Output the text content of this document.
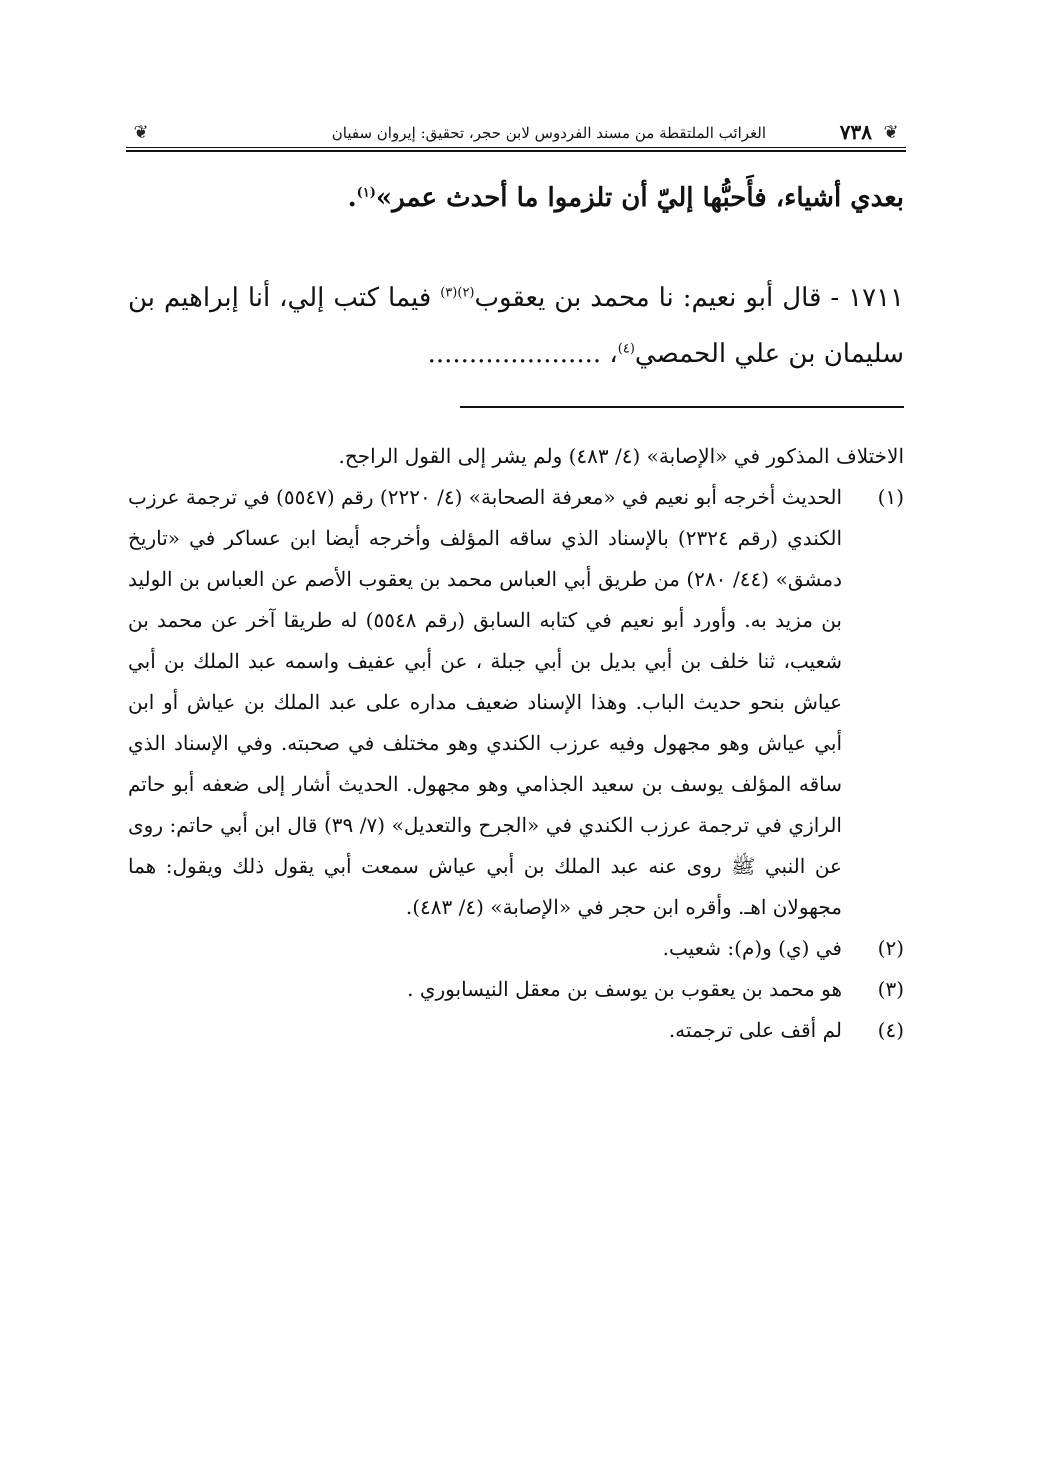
❦
٧٣٨
الغرائب الملتقطة من مسند الفردوس لابن حجر، تحقيق: إيروان سفيان
❦
بعدي أشياء، فأَحبُّها إليّ أن تلزموا ما أحدث عمر»$^{(١)}$.
١٧١١ - قال أبو نعيم: نا محمد بن يعقوب$^{(٢)(٣)}$ فيما كتب إلي، أنا إبراهيم بن سليمان بن علي الحمصي$^{(٤)}$، .....................

الاختلاف المذكور في «الإصابة» (٤/ ٤٨٣) ولم يشر إلى القول الراجح.

(١)
الحديث أخرجه أبو نعيم في «معرفة الصحابة» (٤/ ٢٢٢٠) رقم (٥٥٤٧) في ترجمة عرزب الكندي (رقم ٢٣٢٤) بالإسناد الذي ساقه المؤلف وأخرجه أيضا ابن عساكر في «تاريخ دمشق» (٤٤/ ٢٨٠) من طريق أبي العباس محمد بن يعقوب الأصم عن العباس بن الوليد بن مزيد به. وأورد أبو نعيم في كتابه السابق (رقم ٥٥٤٨) له طريقا آخر عن محمد بن شعيب، ثنا خلف بن أبي بديل بن أبي جبلة ، عن أبي عفيف واسمه عبد الملك بن أبي عياش بنحو حديث الباب. وهذا الإسناد ضعيف مداره على عبد الملك بن عياش أو ابن أبي عياش وهو مجهول وفيه عرزب الكندي وهو مختلف في صحبته. وفي الإسناد الذي ساقه المؤلف يوسف بن سعيد الجذامي وهو مجهول. الحديث أشار إلى ضعفه أبو حاتم الرازي في ترجمة عرزب الكندي في «الجرح والتعديل» (٧/ ٣٩) قال ابن أبي حاتم: روى عن النبي ﷺ روى عنه عبد الملك بن أبي عياش سمعت أبي يقول ذلك ويقول: هما مجهولان اهـ. وأقره ابن حجر في «الإصابة» (٤/ ٤٨٣).
(٢)
في (ي) و(م): شعيب.
(٣)
هو محمد بن يعقوب بن يوسف بن معقل النيسابوري .
(٤)
لم أقف على ترجمته.
